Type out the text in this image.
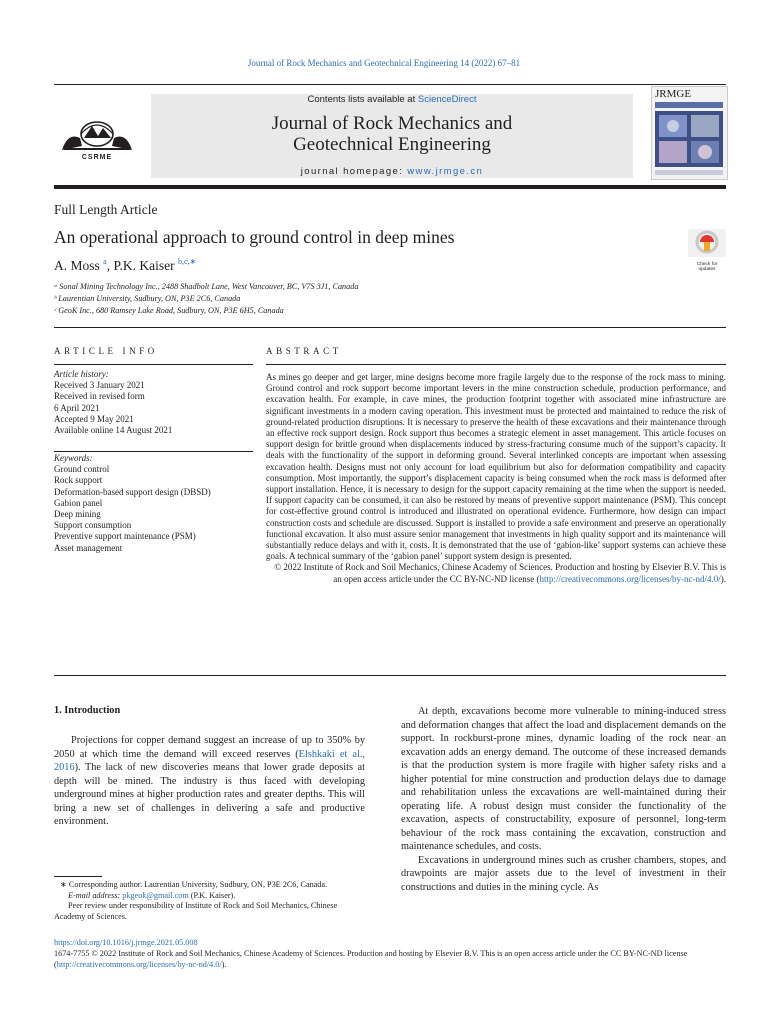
Journal of Rock Mechanics and Geotechnical Engineering 14 (2022) 67–81
CSRME
Contents lists available at ScienceDirect
Journal of Rock Mechanics and
Geotechnical Engineering
journal homepage: www.jrmge.cn
JRMGE
Full Length Article
An operational approach to ground control in deep mines
Check for
updates
A. Moss $^a$, P.K. Kaiser $^{b,c,∗}$
ᵃ Sonal Mining Technology Inc., 2488 Shadbolt Lane, West Vancouver, BC, V7S 3J1, Canada
ᵇ Laurentian University, Sudbury, ON, P3E 2C6, Canada
ᶜ GeoK Inc., 680 Ramsey Lake Road, Sudbury, ON, P3E 6H5, Canada
ARTICLE INFO
Article history:
Received 3 January 2021
Received in revised form
6 April 2021
Accepted 9 May 2021
Available online 14 August 2021
Keywords:
Ground control
Rock support
Deformation-based support design (DBSD)
Gabion panel
Deep mining
Support consumption
Preventive support maintenance (PSM)
Asset management
ABSTRACT

As mines go deeper and get larger, mine designs become more fragile largely due to the response of the rock mass to mining. Ground control and rock support become important levers in the mine construction schedule, production performance, and excavation health. For example, in cave mines, the production footprint together with associated mine infrastructure are significant investments in a modern caving operation. This investment must be protected and maintained to reduce the risk of ground-related production disruptions. It is necessary to preserve the health of these excavations and their maintenance through an effective rock support design. Rock support thus becomes a strategic element in asset management. This article focuses on support design for brittle ground when displacements induced by stress-fracturing consume much of the support’s capacity. It deals with the functionality of the support in deforming ground. Several interlinked concepts are important when assessing excavation health. Designs must not only account for load equilibrium but also for deformation compatibility and capacity consumption. Most importantly, the support’s displacement capacity is being consumed when the rock mass is deformed after support installation. Hence, it is necessary to design for the support capacity remaining at the time when the support is needed. If support capacity can be consumed, it can also be restored by means of preventive support maintenance (PSM). This concept for cost-effective ground control is introduced and illustrated on operational evidence. Furthermore, how design can impact construction costs and schedule are discussed. Support is installed to provide a safe environment and preserve an operationally functional excavation. It also must assure senior management that investments in high quality support and its maintenance will substantially reduce delays and with it, costs. It is demonstrated that the use of ‘gabion-like’ support systems can achieve these goals. A technical summary of the ‘gabion panel’ support system design is presented.

© 2022 Institute of Rock and Soil Mechanics, Chinese Academy of Sciences. Production and hosting by Elsevier B.V. This is an open access article under the CC BY-NC-ND license (http://creativecommons.org/licenses/by-nc-nd/4.0/).

1. Introduction

Projections for copper demand suggest an increase of up to 350% by 2050 at which time the demand will exceed reserves (Elshkaki et al., 2016). The lack of new discoveries means that lower grade deposits at depth will be mined. The industry is thus faced with developing underground mines at higher production rates and greater depths. This will bring a new set of challenges in delivering a safe and productive environment.

At depth, excavations become more vulnerable to mining-induced stress and deformation changes that affect the load and displacement demands on the support. In rockburst-prone mines, dynamic loading of the rock near an excavation adds an energy demand. The outcome of these increased demands is that the production system is more fragile with higher safety risks and a higher potential for mine construction and production delays due to damage and rehabilitation unless the excavations are well-maintained during their operating life. A robust design must consider the functionality of the excavation, aspects of constructability, exposure of personnel, long-term behaviour of the rock mass containing the excavation, construction and maintenance schedules, and costs.

Excavations in underground mines such as crusher chambers, stopes, and drawpoints are major assets due to the level of investment in their constructions and duties in the mining cycle. As

∗ Corresponding author. Laurentian University, Sudbury, ON, P3E 2C6, Canada.

E-mail address: pkgeok@gmail.com (P.K. Kaiser).

Peer review under responsibility of Institute of Rock and Soil Mechanics, Chinese Academy of Sciences.

https://doi.org/10.1016/j.jrmge.2021.05.008
1674-7755 © 2022 Institute of Rock and Soil Mechanics, Chinese Academy of Sciences. Production and hosting by Elsevier B.V. This is an open access article under the CC BY-NC-ND license (http://creativecommons.org/licenses/by-nc-nd/4.0/).
